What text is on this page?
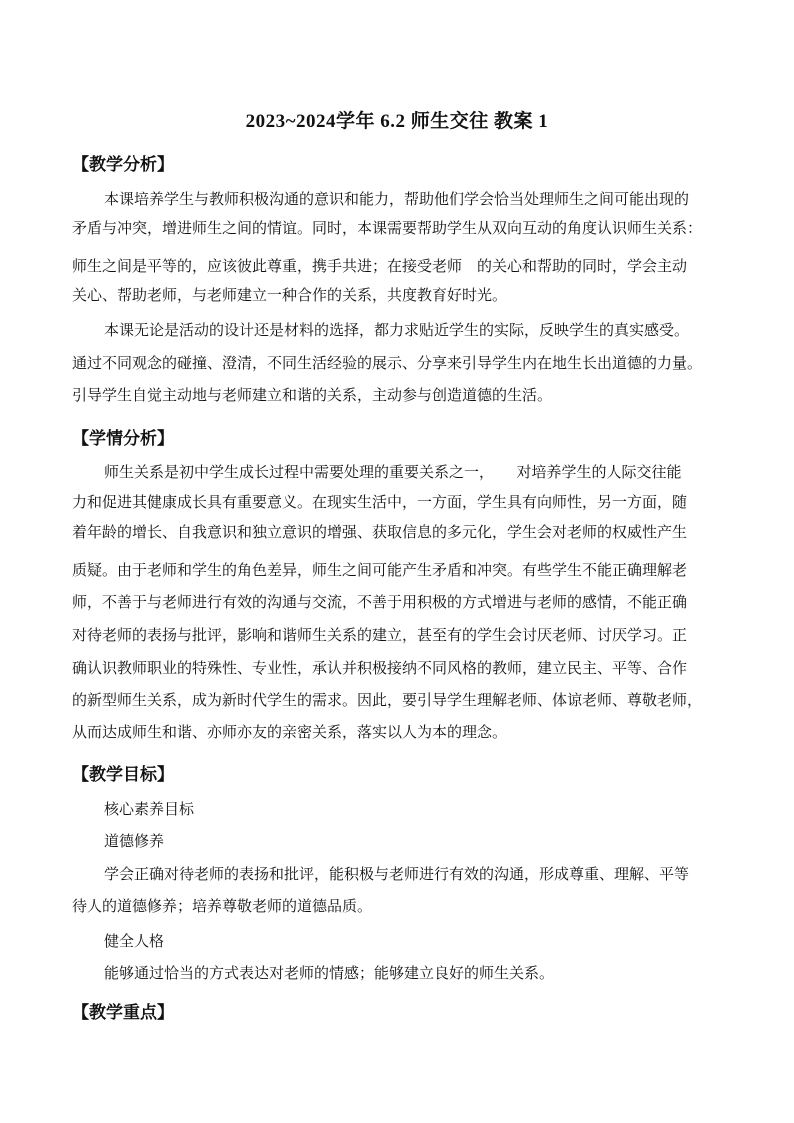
2023~2024学年 6.2 师生交往 教案 1
【教学分析】
本课培养学生与教师积极沟通的意识和能力，帮助他们学会恰当处理师生之间可能出现的
矛盾与冲突，增进师生之间的情谊。同时，本课需要帮助学生从双向互动的角度认识师生关系：
师生之间是平等的，应该彼此尊重，携手共进；在接受老师　的关心和帮助的同时，学会主动
关心、帮助老师，与老师建立一种合作的关系，共度教育好时光。
本课无论是活动的设计还是材料的选择，都力求贴近学生的实际，反映学生的真实感受。
通过不同观念的碰撞、澄清，不同生活经验的展示、分享来引导学生内在地生长出道德的力量。
引导学生自觉主动地与老师建立和谐的关系，主动参与创造道德的生活。
【学情分析】
师生关系是初中学生成长过程中需要处理的重要关系之一，　　对培养学生的人际交往能
力和促进其健康成长具有重要意义。在现实生活中，一方面，学生具有向师性，另一方面，随
着年龄的增长、自我意识和独立意识的增强、获取信息的多元化，学生会对老师的权威性产生
质疑。由于老师和学生的角色差异，师生之间可能产生矛盾和冲突。有些学生不能正确理解老
师，不善于与老师进行有效的沟通与交流，不善于用积极的方式增进与老师的感情，不能正确
对待老师的表扬与批评，影响和谐师生关系的建立，甚至有的学生会讨厌老师、讨厌学习。正
确认识教师职业的特殊性、专业性，承认并积极接纳不同风格的教师，建立民主、平等、合作
的新型师生关系，成为新时代学生的需求。因此，要引导学生理解老师、体谅老师、尊敬老师，
从而达成师生和谐、亦师亦友的亲密关系，落实以人为本的理念。
【教学目标】
核心素养目标
道德修养
学会正确对待老师的表扬和批评，能积极与老师进行有效的沟通，形成尊重、理解、平等
待人的道德修养；培养尊敬老师的道德品质。
健全人格
能够通过恰当的方式表达对老师的情感；能够建立良好的师生关系。
【教学重点】
